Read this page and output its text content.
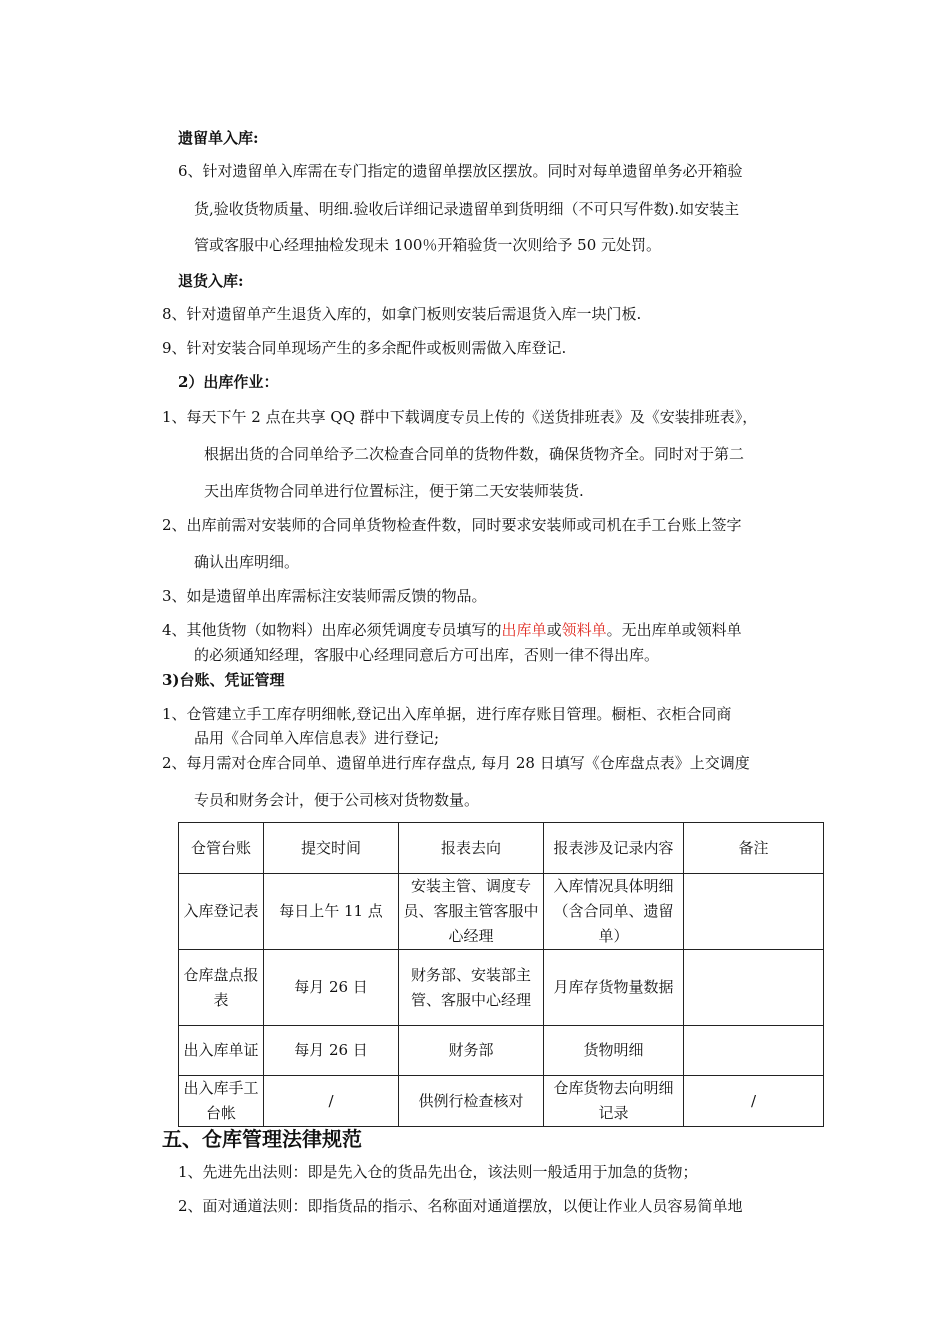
遗留单入库:
6、针对遗留单入库需在专门指定的遗留单摆放区摆放。同时对每单遗留单务必开箱验
货,验收货物质量、明细.验收后详细记录遗留单到货明细（不可只写件数).如安装主
管或客服中心经理抽检发现未 100％开箱验货一次则给予 50 元处罚。
退货入库:
8、针对遗留单产生退货入库的，如拿门板则安装后需退货入库一块门板.
9、针对安装合同单现场产生的多余配件或板则需做入库登记.
2）出库作业：
1、每天下午 2 点在共享 QQ 群中下载调度专员上传的《送货排班表》及《安装排班表》，
根据出货的合同单给予二次检查合同单的货物件数，确保货物齐全。同时对于第二
天出库货物合同单进行位置标注，便于第二天安装师装货.
2、出库前需对安装师的合同单货物检查件数，同时要求安装师或司机在手工台账上签字
确认出库明细。
3、如是遗留单出库需标注安装师需反馈的物品。
4、其他货物（如物料）出库必须凭调度专员填写的出库单或领料单。无出库单或领料单
的必须通知经理，客服中心经理同意后方可出库，否则一律不得出库。
3)台账、凭证管理
1、仓管建立手工库存明细帐,登记出入库单据，进行库存账目管理。橱柜、衣柜合同商
品用《合同单入库信息表》进行登记;
2、每月需对仓库合同单、遗留单进行库存盘点, 每月 28 日填写《仓库盘点表》上交调度
专员和财务会计，便于公司核对货物数量。
仓管台账	提交时间	报表去向	报表涉及记录内容	备注
入库登记表	每日上午 11 点	安装主管、调度专员、客服主管客服中心经理	入库情况具体明细（含合同单、遗留单）	
仓库盘点报表	每月 26 日	财务部、安装部主管、客服中心经理	月库存货物量数据	
出入库单证	每月 26 日	财务部	货物明细	
出入库手工台帐	/	供例行检查核对	仓库货物去向明细记录	/
五、仓库管理法律规范
1、先进先出法则：即是先入仓的货品先出仓，该法则一般适用于加急的货物；
2、面对通道法则：即指货品的指示、名称面对通道摆放，以便让作业人员容易简单地
